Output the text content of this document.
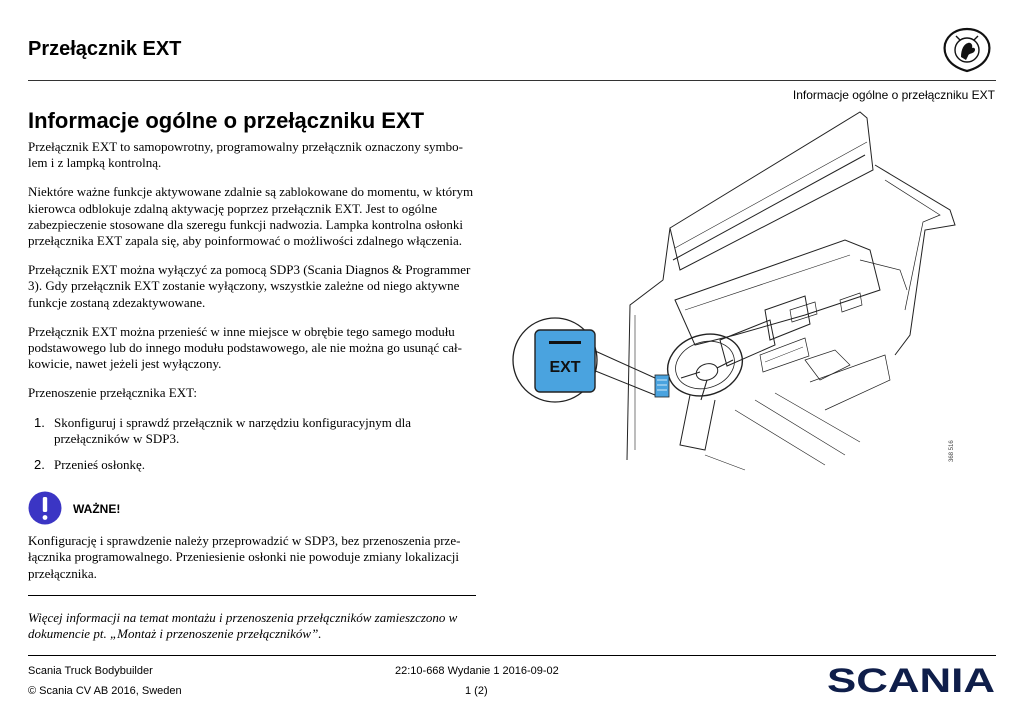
Przełącznik EXT
Informacje ogólne o przełączniku EXT
Informacje ogólne o przełączniku EXT

Przełącznik EXT to samopowrotny, programowalny przełącznik oznaczony symbolem i z lampką kontrolną.

Niektóre ważne funkcje aktywowane zdalnie są zablokowane do momentu, w którym kierowca odblokuje zdalną aktywację poprzez przełącznik EXT. Jest to ogólne zabezpieczenie stosowane dla szeregu funkcji nadwozia. Lampka kontrolna osłonki przełącznika EXT zapala się, aby poinformować o możliwości zdalnego włączenia.

Przełącznik EXT można wyłączyć za pomocą SDP3 (Scania Diagnos & Programmer 3). Gdy przełącznik EXT zostanie wyłączony, wszystkie zależne od niego aktywne funkcje zostaną zdezaktywowane.

Przełącznik EXT można przenieść w inne miejsce w obrębie tego samego modułu podstawowego lub do innego modułu podstawowego, ale nie można go usunąć całkowicie, nawet jeżeli jest wyłączony.

Przenoszenie przełącznika EXT:

1. Skonfiguruj i sprawdź przełącznik w narzędziu konfiguracyjnym dla przełączników w SDP3.
2. Przenieś osłonkę.
WAŻNE!

Konfigurację i sprawdzenie należy przeprowadzić w SDP3, bez przenoszenia przełącznika programowalnego. Przeniesienie osłonki nie powoduje zmiany lokalizacji przełącznika.

Więcej informacji na temat montażu i przenoszenia przełączników zamieszczono w dokumencie pt. „Montaż i przenoszenie przełączników”.

EXT
368 516
Scania Truck Bodybuilder
© Scania CV AB 2016, Sweden
22:10-668 Wydanie 1 2016-09-02
1 (2)	SCANIA
